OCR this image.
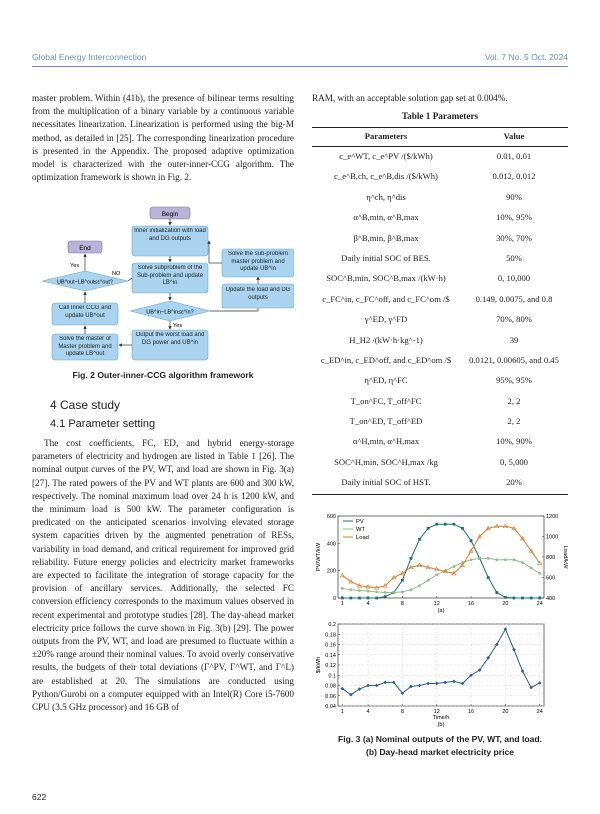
Global Energy Interconnection	Vol. 7 No. 5 Oct. 2024

master problem. Within (41b), the presence of bilinear terms resulting from the multiplication of a binary variable by a continuous variable necessitates linearization. Linearization is performed using the big-M method, as detailed in [25]. The corresponding linearization procedure is presented in the Appendix. The proposed adaptive optimization model is characterized with the outer-inner-CCG algorithm. The optimization framework is shown in Fig. 2.

Begin
Inner initialization with load and DG outputs
Solve subproblem of the Sub-problem and update LB^in
UB^in−LB^in≤ε^in?
Yes
Output the worst load and DG power and UB^in
Update the load and DG outputs
Solve the sub-problem master problem and update UB^in
End
UB^out−LB^out≤ε^out?
Yes
NO
Call Inner CCG and update UB^out
Solve the master of Master problem and update LB^out
Fig. 2 Outer-inner-CCG algorithm framework
4 Case study
4.1 Parameter setting

The cost coefficients, FC, ED, and hybrid energy-storage parameters of electricity and hydrogen are listed in Table 1 [26]. The nominal output curves of the PV, WT, and load are shown in Fig. 3(a) [27]. The rated powers of the PV and WT plants are 600 and 300 kW, respectively. The nominal maximum load over 24 h is 1200 kW, and the minimum load is 500 kW. The parameter configuration is predicated on the anticipated scenarios involving elevated storage system capacities driven by the augmented penetration of RESs, variability in load demand, and critical requirement for improved grid reliability. Future energy policies and electricity market frameworks are expected to facilitate the integration of storage capacity for the provision of ancillary services. Additionally, the selected FC conversion efficiency corresponds to the maximum values observed in recent experimental and prototype studies [28]. The day-ahead market electricity price follows the curve shown in Fig. 3(b) [29]. The power outputs from the PV, WT, and load are presumed to fluctuate within a ±20% range around their nominal values. To avoid overly conservative results, the budgets of their total deviations (Γ^PV, Γ^WT, and Γ^L) are established at 20. The simulations are conducted using Python/Gurobi on a computer equipped with an Intel(R) Core i5-7600 CPU (3.5 GHz processor) and 16 GB of

622

RAM, with an acceptable solution gap set at 0.004%.

Table 1 Parameters
Parameters	Value
c_e^WT, c_e^PV /($/kWh)	0.01, 0.01
c_e^B,ch, c_e^B,dis /($/kWh)	0.012, 0.012
η^ch, η^dis	90%
α^B,min, α^B,max	10%, 95%
β^B,min, β^B,max	30%, 70%
Daily initial SOC of BES.	50%
SOC^B,min, SOC^B,max /(kW·h)	0, 10,000
c_FC^in, c_FC^off, and c_FC^om /$	0.149, 0.0075, and 0.8
γ^ED, γ^FD	70%, 80%
H_H2 /(kW·h·kg^-1)	39
c_ED^in, c_ED^off, and c_ED^om /$	0.0121, 0.00605, and 0.45
η^ED, η^FC	95%, 95%
T_on^FC, T_off^FC	2, 2
T_on^ED, T_off^ED	2, 2
α^H,min, α^H,max	10%, 90%
SOC^H,min, SOC^H,max /kg	0, 5,000
Daily initial SOC of HST.	20%
0
200
400
600
400
600
800
1000
1200
1	4	8	12	16	20	24
(a)
PV/WT/kW	Load/kW
PV
WT
Load
0.04
0.06
0.08
0.1
0.12
0.14
0.16
0.18
0.2
1	4	8	12	16	20	24
Time/h
(b)
$/kWh
Fig. 3 (a) Nominal outputs of the PV, WT, and load.
(b) Day-head market electricity price
